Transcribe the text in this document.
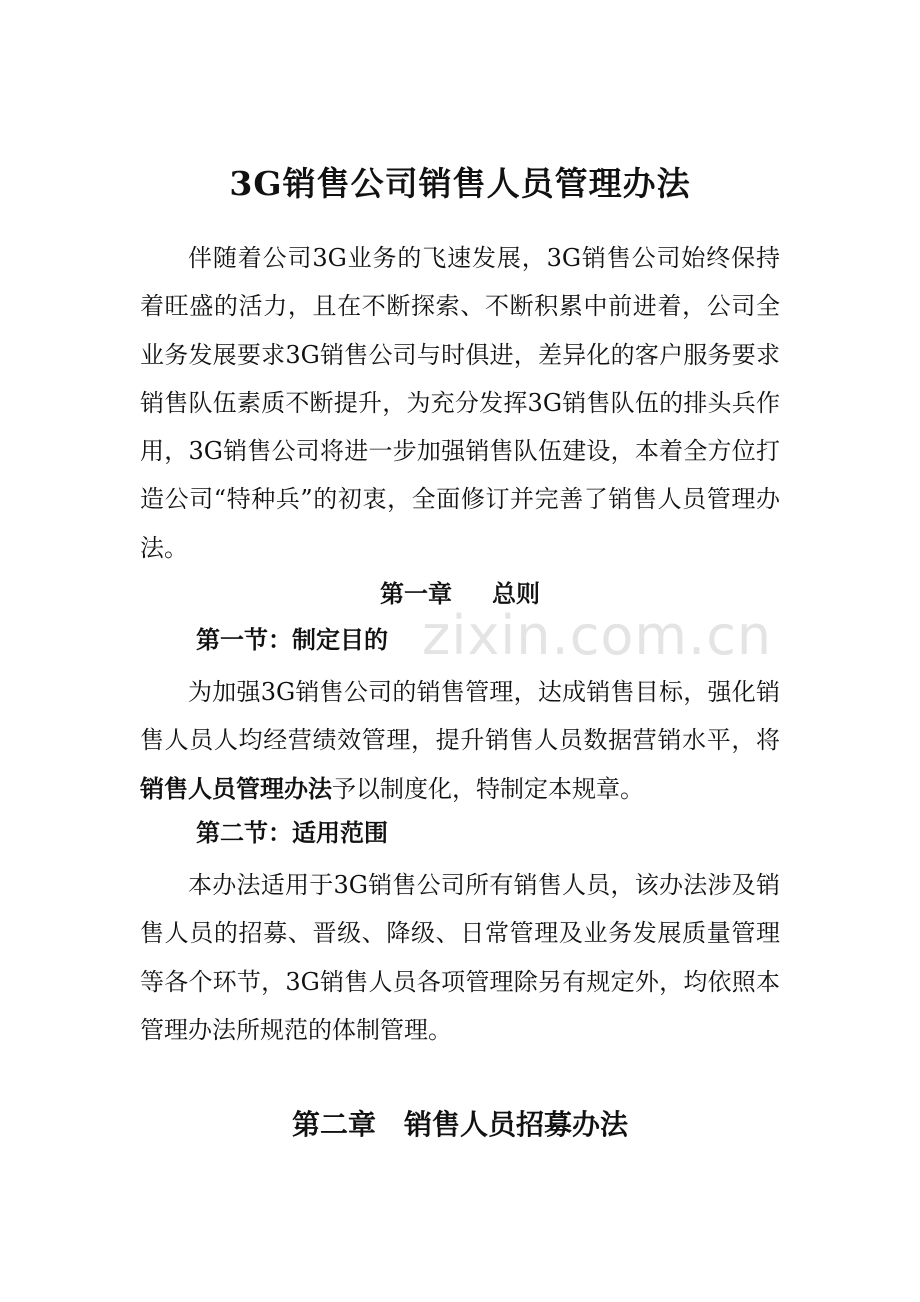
3G销售公司销售人员管理办法

伴随着公司3G业务的飞速发展，3G销售公司始终保持着旺盛的活力，且在不断探索、不断积累中前进着，公司全业务发展要求3G销售公司与时俱进，差异化的客户服务要求销售队伍素质不断提升，为充分发挥3G销售队伍的排头兵作用，3G销售公司将进一步加强销售队伍建设，本着全方位打造公司“特种兵”的初衷，全面修订并完善了销售人员管理办法。

第一章 总则
第一节：制定目的

为加强3G销售公司的销售管理，达成销售目标，强化销售人员人均经营绩效管理，提升销售人员数据营销水平，将销售人员管理办法予以制度化，特制定本规章。

第二节：适用范围

本办法适用于3G销售公司所有销售人员，该办法涉及销售人员的招募、晋级、降级、日常管理及业务发展质量管理等各个环节，3G销售人员各项管理除另有规定外，均依照本管理办法所规范的体制管理。

第二章 销售人员招募办法
zixin.com.cn
